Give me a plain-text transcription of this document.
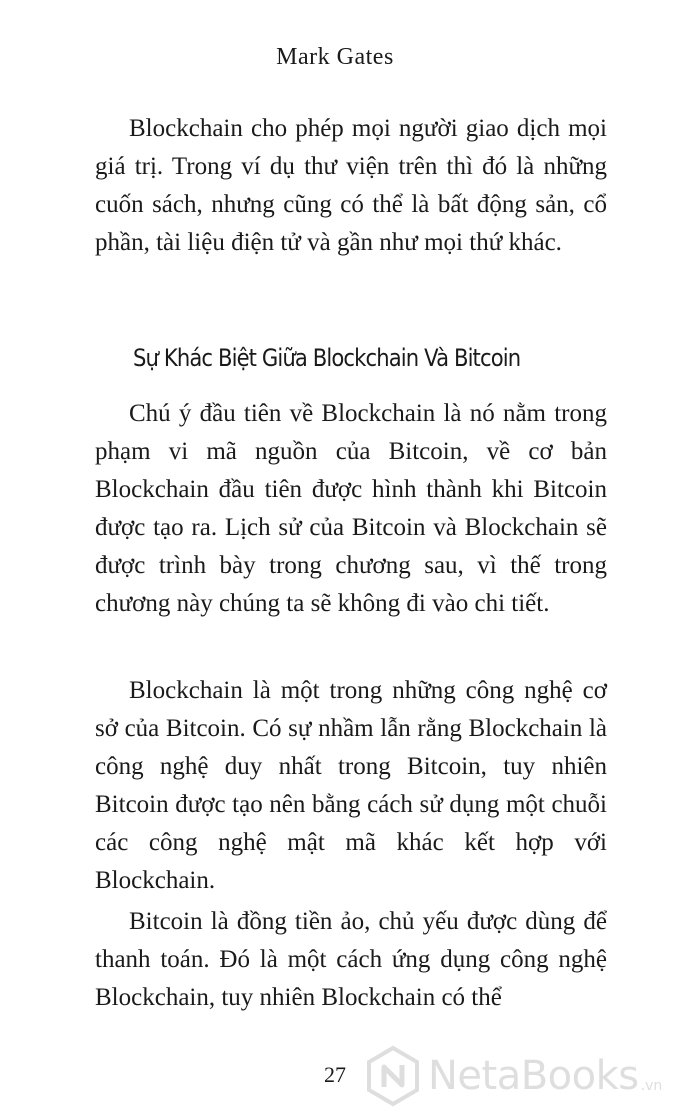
Mark Gates

Blockchain cho phép mọi người giao dịch mọi giá trị. Trong ví dụ thư viện trên thì đó là những cuốn sách, nhưng cũng có thể là bất động sản, cổ phần, tài liệu điện tử và gần như mọi thứ khác.

Sự Khác Biệt Giữa Blockchain Và Bitcoin

Chú ý đầu tiên về Blockchain là nó nằm trong phạm vi mã nguồn của Bitcoin, về cơ bản Blockchain đầu tiên được hình thành khi Bitcoin được tạo ra. Lịch sử của Bitcoin và Blockchain sẽ được trình bày trong chương sau, vì thế trong chương này chúng ta sẽ không đi vào chi tiết.

Blockchain là một trong những công nghệ cơ sở của Bitcoin. Có sự nhầm lẫn rằng Blockchain là công nghệ duy nhất trong Bitcoin, tuy nhiên Bitcoin được tạo nên bằng cách sử dụng một chuỗi các công nghệ mật mã khác kết hợp với Blockchain.

Bitcoin là đồng tiền ảo, chủ yếu được dùng để thanh toán. Đó là một cách ứng dụng công nghệ Blockchain, tuy nhiên Blockchain có thể

27	NetaBooks .vn
